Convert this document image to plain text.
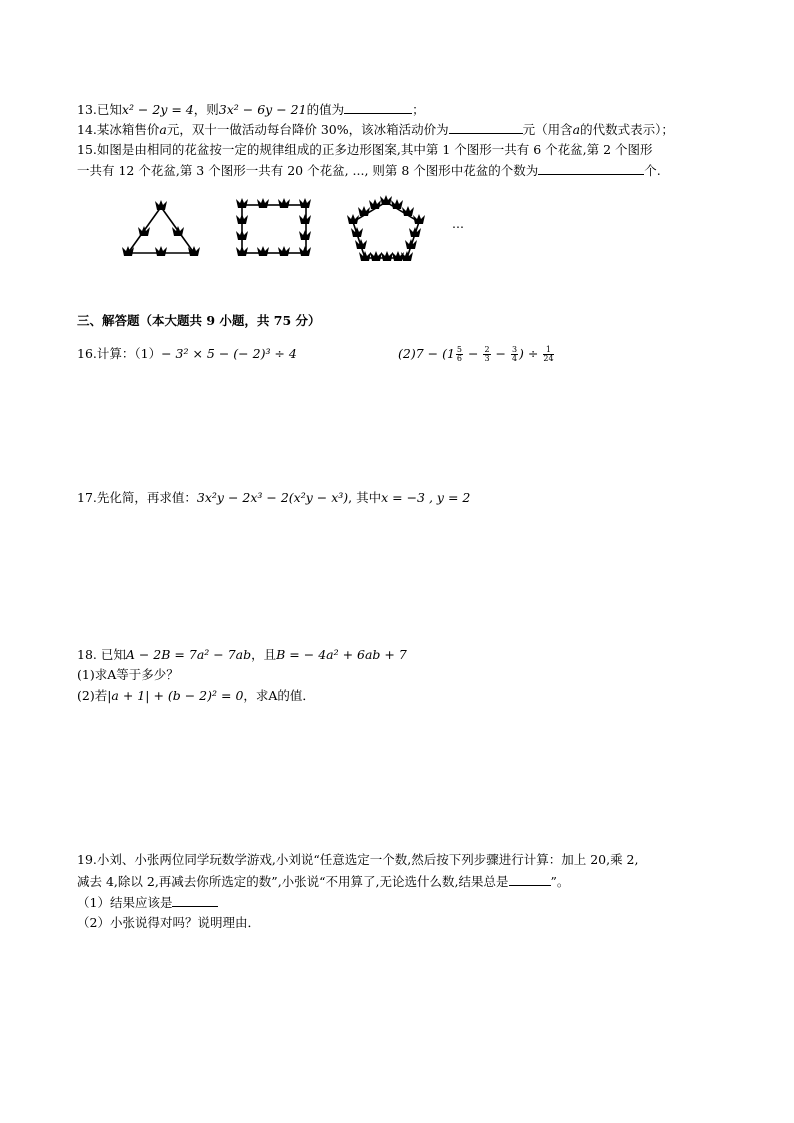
13.已知x² − 2y = 4，则3x² − 6y − 21的值为	；
14.某冰箱售价a元，双十一做活动每台降价 30%，该冰箱活动价为	元（用含a的代数式表示）；
15.如图是由相同的花盆按一定的规律组成的正多边形图案,其中第 1 个图形一共有 6 个花盆,第 2 个图形
一共有 12 个花盆,第 3 个图形一共有 20 个花盆, ..., 则第 8 个图形中花盆的个数为	个.
...
三、解答题（本大题共 9 小题，共 75 分）
16.计算：（1）− 3² × 5 − (− 2)³ ÷ 4	$(2)7 - (1 \frac{5}{6} - \frac{2}{3} - \frac{3}{4}$ ) ÷ $\frac{1}{24}$
17.先化简，再求值：3x²y − 2x³ − 2(x²y − x³), 其中x = −3 , y = 2
18. 已知A − 2B = 7a² − 7ab，且B = − 4a² + 6ab + 7
(1)求A等于多少？
(2)若|a + 1| + (b − 2)² = 0，求A的值．
19.小刘、小张两位同学玩数学游戏,小刘说“任意选定一个数,然后按下列步骤进行计算：加上 20,乘 2,
减去 4,除以 2,再减去你所选定的数”,小张说“不用算了,无论选什么数,结果总是	”。
（1）结果应该是
（2）小张说得对吗？说明理由．
